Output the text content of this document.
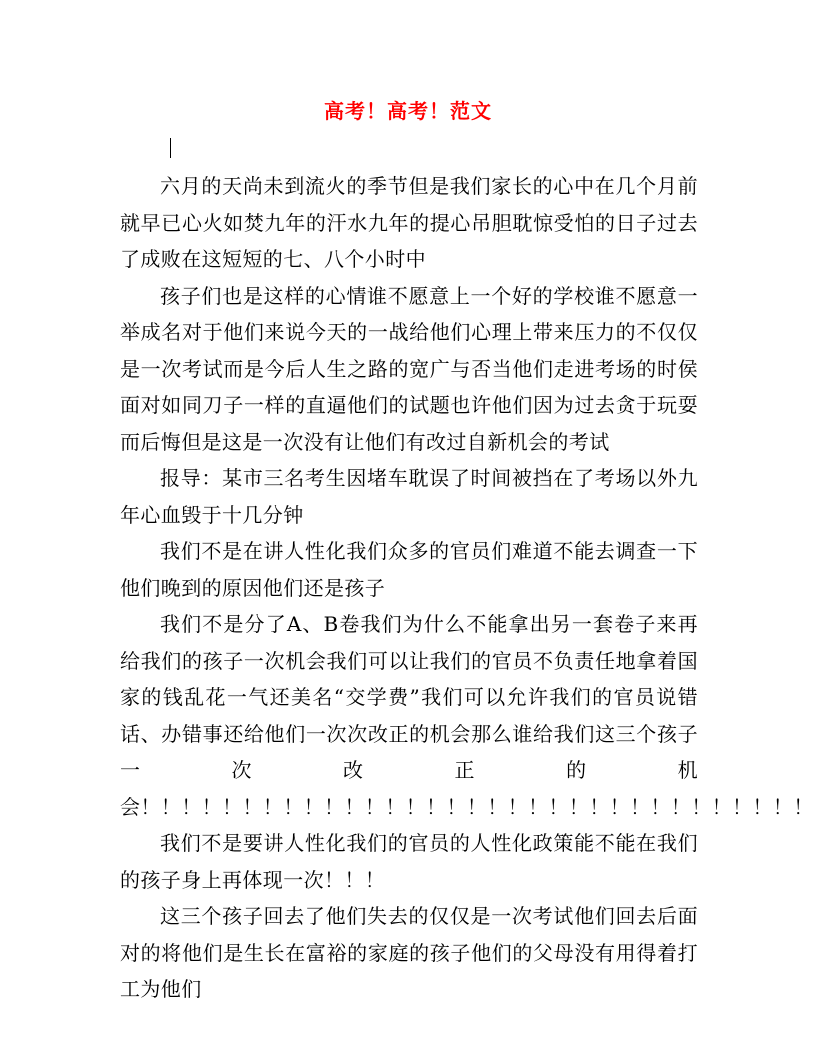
高考！高考！范文

六月的天尚未到流火的季节但是我们家长的心中在几个月前就早已心火如焚九年的汗水九年的提心吊胆耽惊受怕的日子过去了成败在这短短的七、八个小时中

孩子们也是这样的心情谁不愿意上一个好的学校谁不愿意一举成名对于他们来说今天的一战给他们心理上带来压力的不仅仅是一次考试而是今后人生之路的宽广与否当他们走进考场的时侯面对如同刀子一样的直逼他们的试题也许他们因为过去贪于玩耍而后悔但是这是一次没有让他们有改过自新机会的考试

报导：某市三名考生因堵车耽误了时间被挡在了考场以外九年心血毁于十几分钟

我们不是在讲人性化我们众多的官员们难道不能去调查一下他们晚到的原因他们还是孩子

我们不是分了A、B卷我们为什么不能拿出另一套卷子来再给我们的孩子一次机会我们可以让我们的官员不负责任地拿着国家的钱乱花一气还美名“交学费”我们可以允许我们的官员说错话、办错事还给他们一次次改正的机会那么谁给我们这三个孩子一次改正的机会！！！！！！！！！！！！！！！！！！！！！！！！！！！！！！！！！

我们不是要讲人性化我们的官员的人性化政策能不能在我们的孩子身上再体现一次！！！

这三个孩子回去了他们失去的仅仅是一次考试他们回去后面对的将他们是生长在富裕的家庭的孩子他们的父母没有用得着打工为他们
